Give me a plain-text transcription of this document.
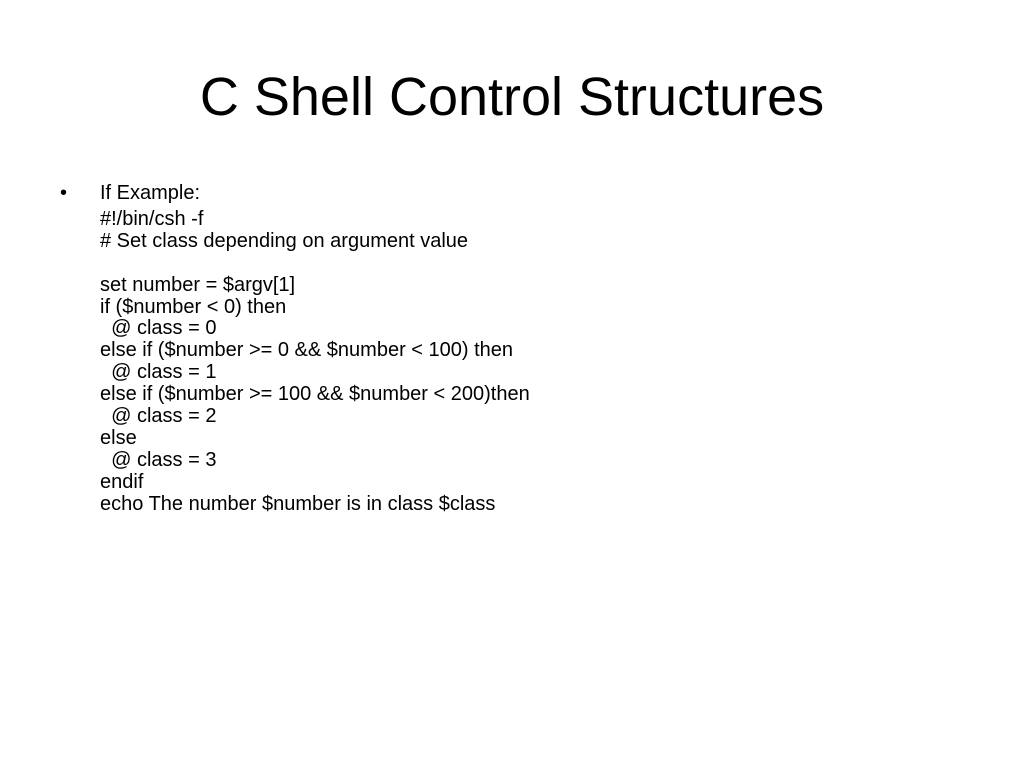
C Shell Control Structures
• If Example:
#!/bin/csh -f
# Set class depending on argument value
set number = $argv[1]
if ($number < 0) then
@ class = 0
else if ($number >= 0 && $number < 100) then
@ class = 1
else if ($number >= 100 && $number < 200)then
@ class = 2
else
@ class = 3
endif
echo The number $number is in class $class
